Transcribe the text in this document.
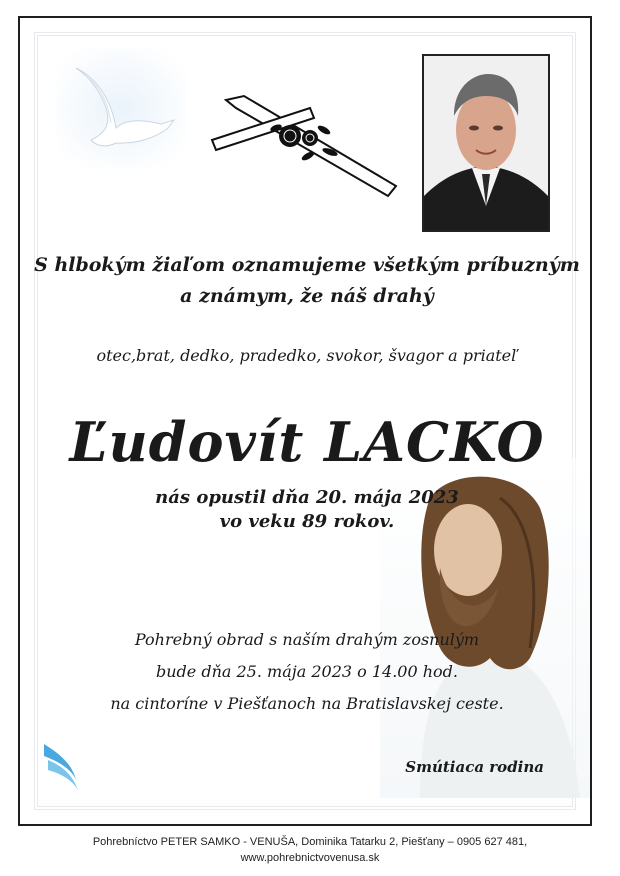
S hlbokým žiaľom oznamujeme všetkým príbuzným
a známym, že náš drahý
otec,brat, dedko, pradedko, svokor, švagor a priateľ
Ľudovít LACKO
nás opustil dňa 20. mája 2023
vo veku 89 rokov.
Pohrebný obrad s naším drahým zosnulým
bude dňa 25. mája 2023 o 14.00 hod.
na cintoríne v Piešťanoch na Bratislavskej ceste.
Smútiaca rodina
Pohrebníctvo PETER SAMKO - VENUŠA, Dominika Tatarku 2, Piešťany – 0905 627 481,
www.pohrebnictvovenusa.sk
